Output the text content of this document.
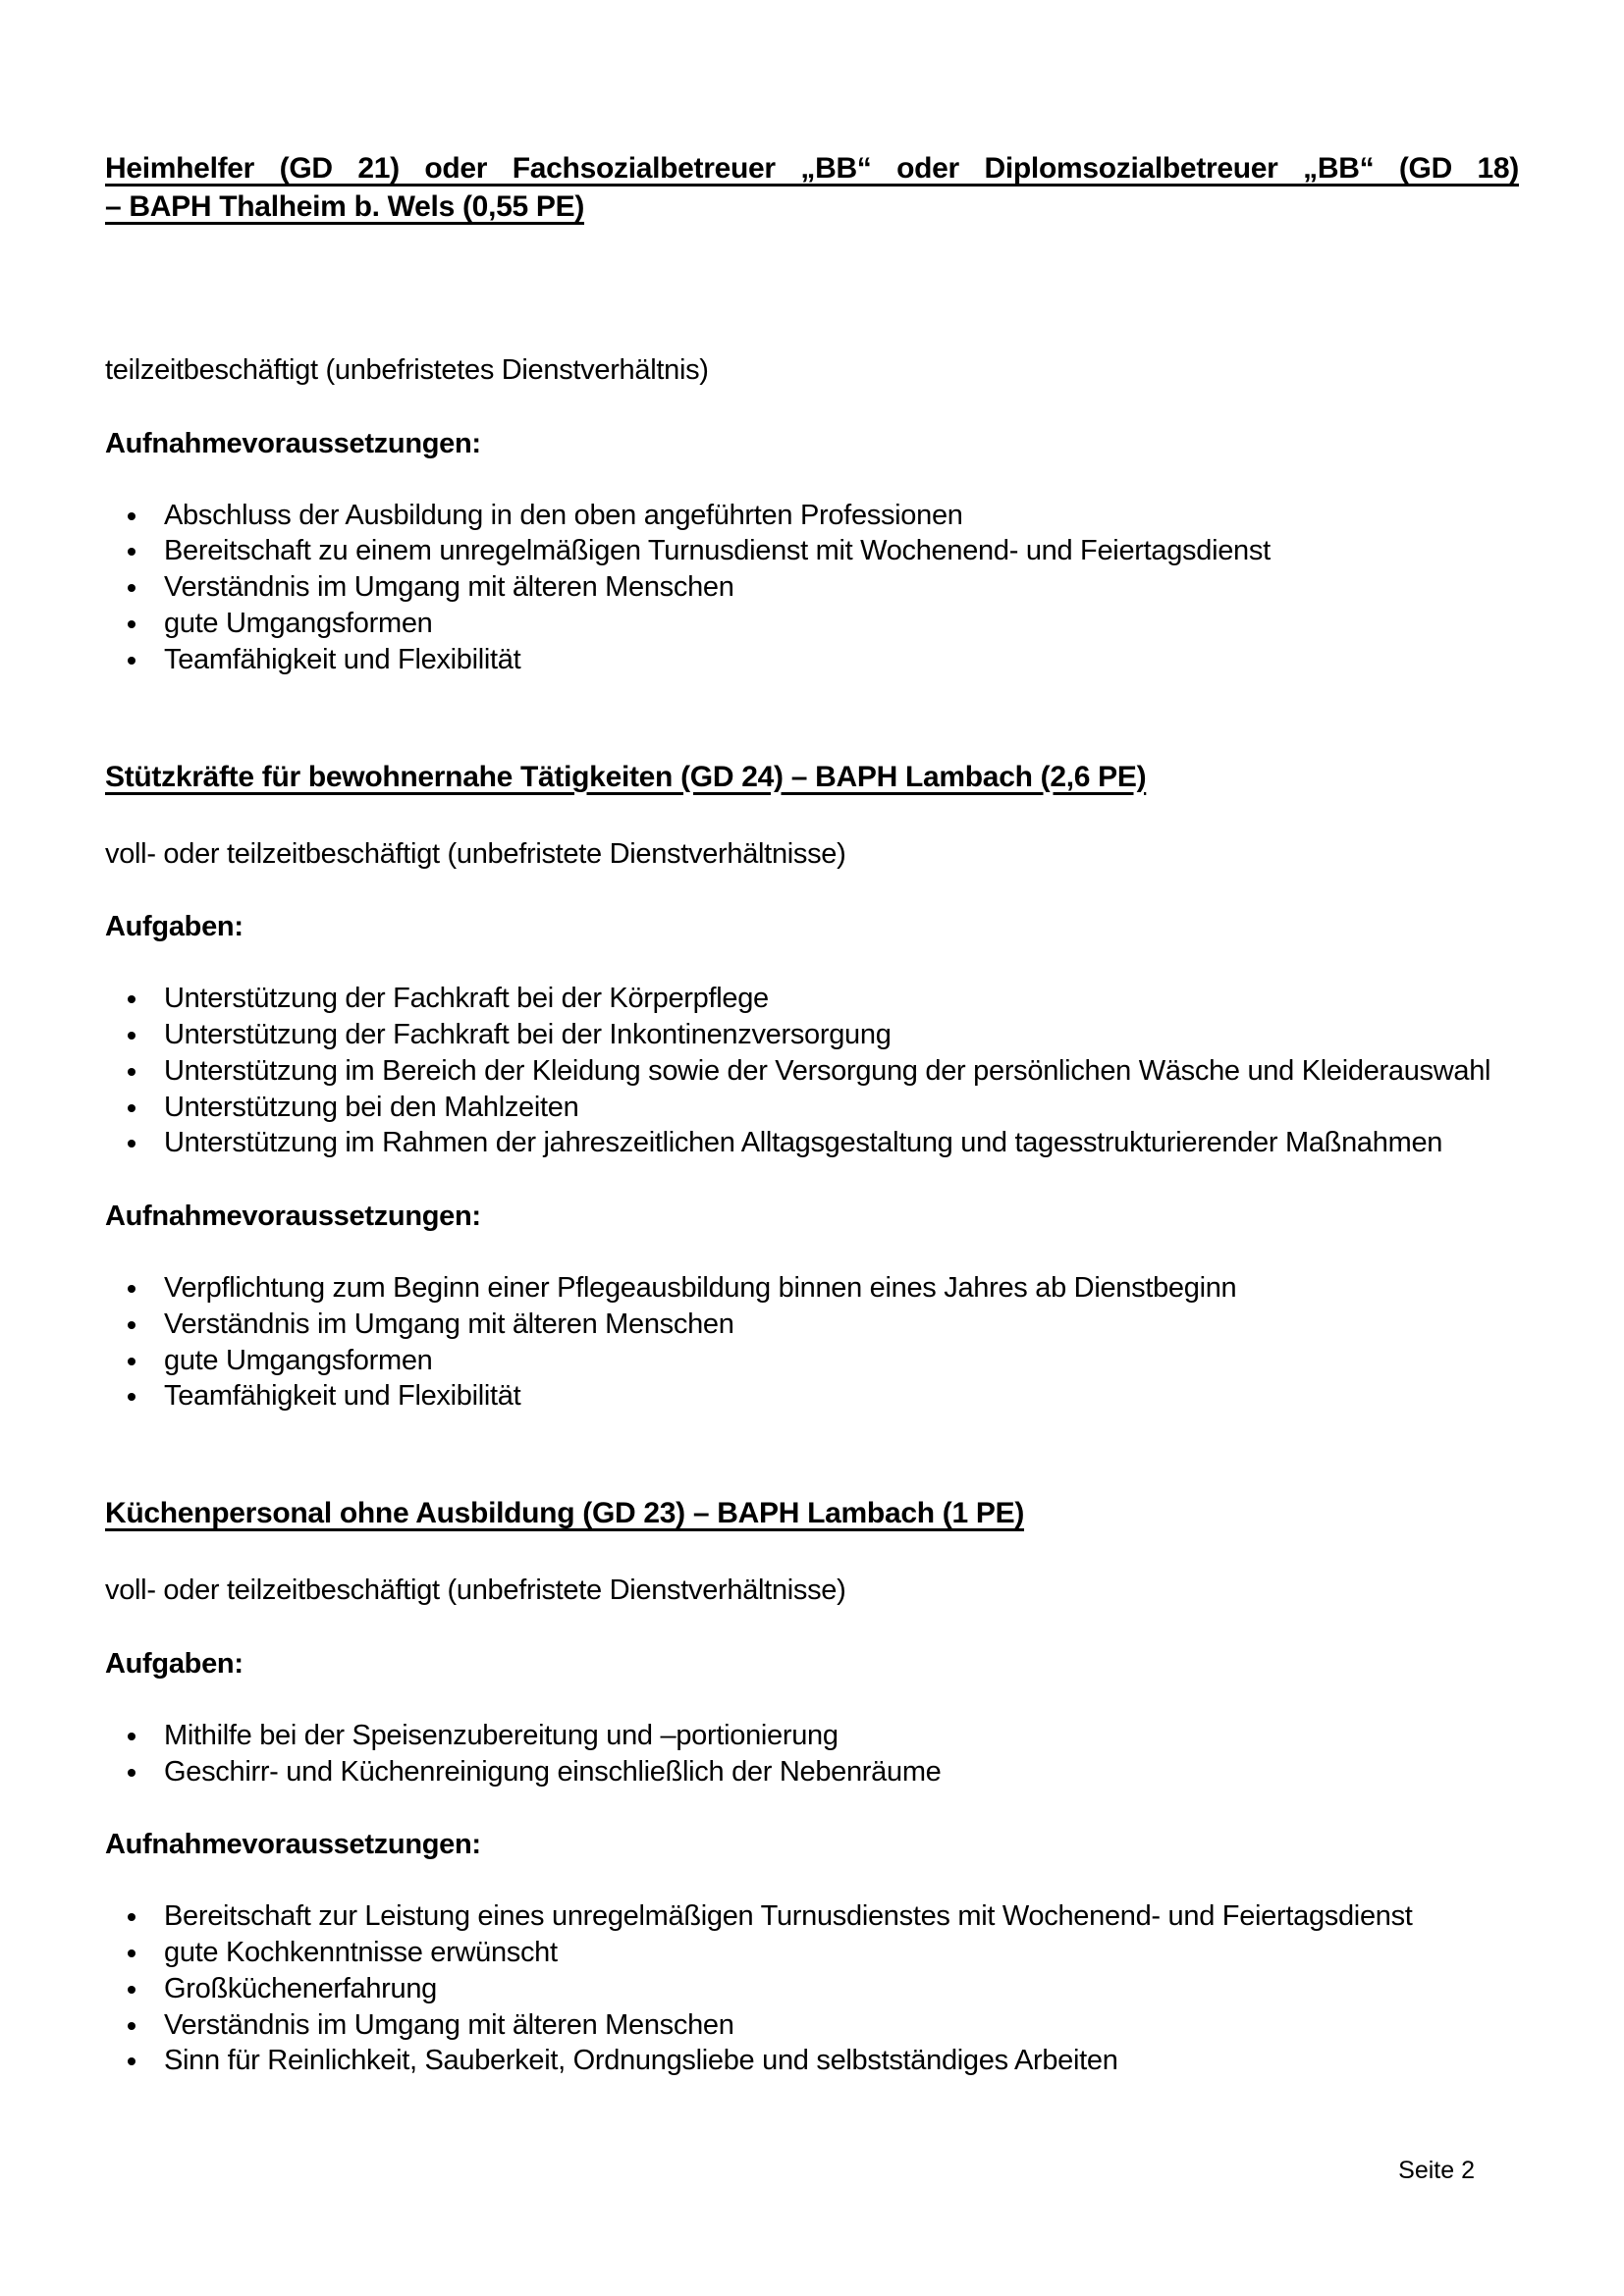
Heimhelfer (GD 21) oder Fachsozialbetreuer „BB“ oder Diplomsozialbetreuer „BB“ (GD 18)
– BAPH Thalheim b. Wels (0,55 PE)

teilzeitbeschäftigt (unbefristetes Dienstverhältnis)

Aufnahmevoraussetzungen:

• Abschluss der Ausbildung in den oben angeführten Professionen
• Bereitschaft zu einem unregelmäßigen Turnusdienst mit Wochenend- und Feiertagsdienst
• Verständnis im Umgang mit älteren Menschen
• gute Umgangsformen
• Teamfähigkeit und Flexibilität

Stützkräfte für bewohnernahe Tätigkeiten (GD 24) – BAPH Lambach (2,6 PE)

voll- oder teilzeitbeschäftigt (unbefristete Dienstverhältnisse)

Aufgaben:

• Unterstützung der Fachkraft bei der Körperpflege
• Unterstützung der Fachkraft bei der Inkontinenzversorgung
• Unterstützung im Bereich der Kleidung sowie der Versorgung der persönlichen Wäsche und Kleiderauswahl
• Unterstützung bei den Mahlzeiten
• Unterstützung im Rahmen der jahreszeitlichen Alltagsgestaltung und tagesstrukturierender Maßnahmen

Aufnahmevoraussetzungen:

• Verpflichtung zum Beginn einer Pflegeausbildung binnen eines Jahres ab Dienstbeginn
• Verständnis im Umgang mit älteren Menschen
• gute Umgangsformen
• Teamfähigkeit und Flexibilität

Küchenpersonal ohne Ausbildung (GD 23) – BAPH Lambach (1 PE)

voll- oder teilzeitbeschäftigt (unbefristete Dienstverhältnisse)

Aufgaben:

• Mithilfe bei der Speisenzubereitung und –portionierung
• Geschirr- und Küchenreinigung einschließlich der Nebenräume

Aufnahmevoraussetzungen:

• Bereitschaft zur Leistung eines unregelmäßigen Turnusdienstes mit Wochenend- und Feiertagsdienst
• gute Kochkenntnisse erwünscht
• Großküchenerfahrung
• Verständnis im Umgang mit älteren Menschen
• Sinn für Reinlichkeit, Sauberkeit, Ordnungsliebe und selbstständiges Arbeiten
Seite 2
